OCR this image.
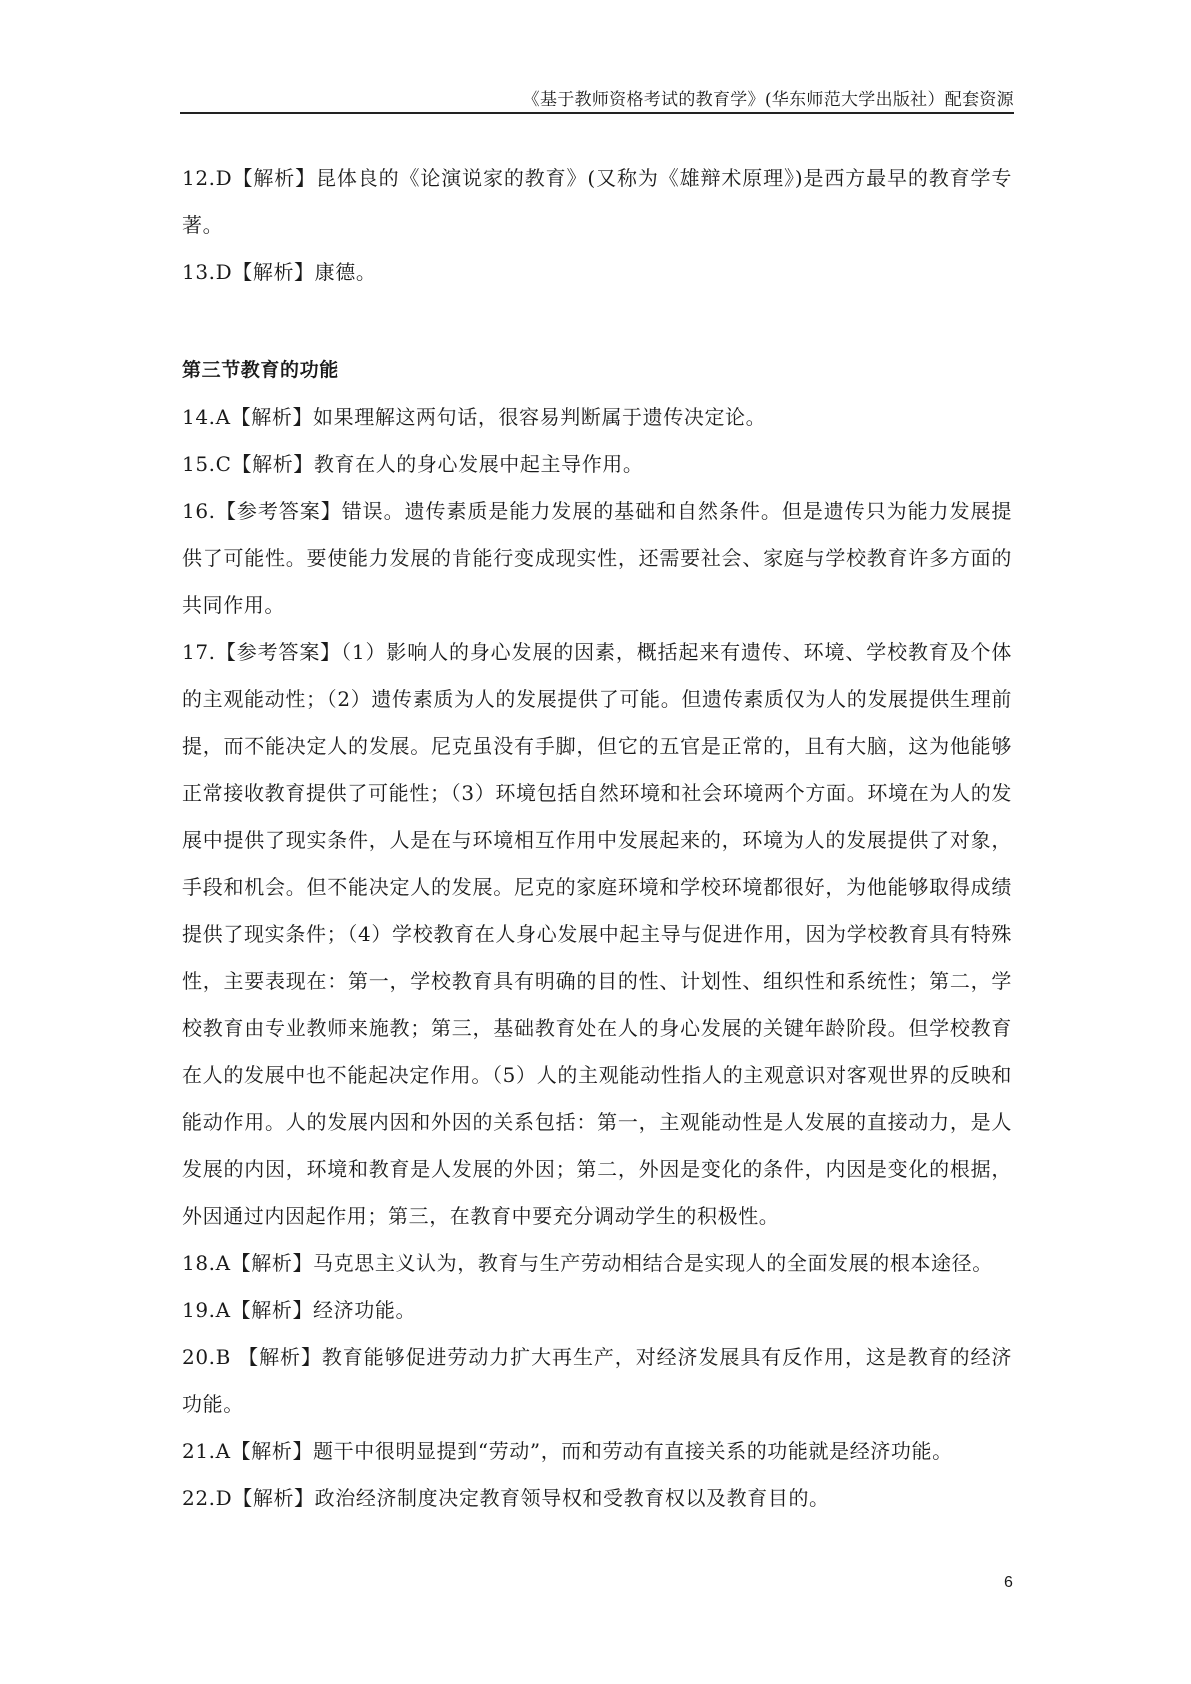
《基于教师资格考试的教育学》(华东师范大学出版社）配套资源

12.D【解析】昆体良的《论演说家的教育》(又称为《雄辩术原理》)是西方最早的教育学专著。

13.D【解析】康德。

第三节教育的功能

14.A【解析】如果理解这两句话，很容易判断属于遗传决定论。

15.C【解析】教育在人的身心发展中起主导作用。

16.【参考答案】错误。遗传素质是能力发展的基础和自然条件。但是遗传只为能力发展提供了可能性。要使能力发展的肯能行变成现实性，还需要社会、家庭与学校教育许多方面的共同作用。

17.【参考答案】（1）影响人的身心发展的因素，概括起来有遗传、环境、学校教育及个体的主观能动性；（2）遗传素质为人的发展提供了可能。但遗传素质仅为人的发展提供生理前提，而不能决定人的发展。尼克虽没有手脚，但它的五官是正常的，且有大脑，这为他能够正常接收教育提供了可能性；（3）环境包括自然环境和社会环境两个方面。环境在为人的发展中提供了现实条件，人是在与环境相互作用中发展起来的，环境为人的发展提供了对象，手段和机会。但不能决定人的发展。尼克的家庭环境和学校环境都很好，为他能够取得成绩提供了现实条件；（4）学校教育在人身心发展中起主导与促进作用，因为学校教育具有特殊性，主要表现在：第一，学校教育具有明确的目的性、计划性、组织性和系统性；第二，学校教育由专业教师来施教；第三，基础教育处在人的身心发展的关键年龄阶段。但学校教育在人的发展中也不能起决定作用。（5）人的主观能动性指人的主观意识对客观世界的反映和能动作用。人的发展内因和外因的关系包括：第一，主观能动性是人发展的直接动力，是人发展的内因，环境和教育是人发展的外因；第二，外因是变化的条件，内因是变化的根据，外因通过内因起作用；第三，在教育中要充分调动学生的积极性。

18.A【解析】马克思主义认为，教育与生产劳动相结合是实现人的全面发展的根本途径。

19.A【解析】经济功能。

20.B 【解析】教育能够促进劳动力扩大再生产，对经济发展具有反作用，这是教育的经济功能。

21.A【解析】题干中很明显提到“劳动”，而和劳动有直接关系的功能就是经济功能。

22.D【解析】政治经济制度决定教育领导权和受教育权以及教育目的。

6
